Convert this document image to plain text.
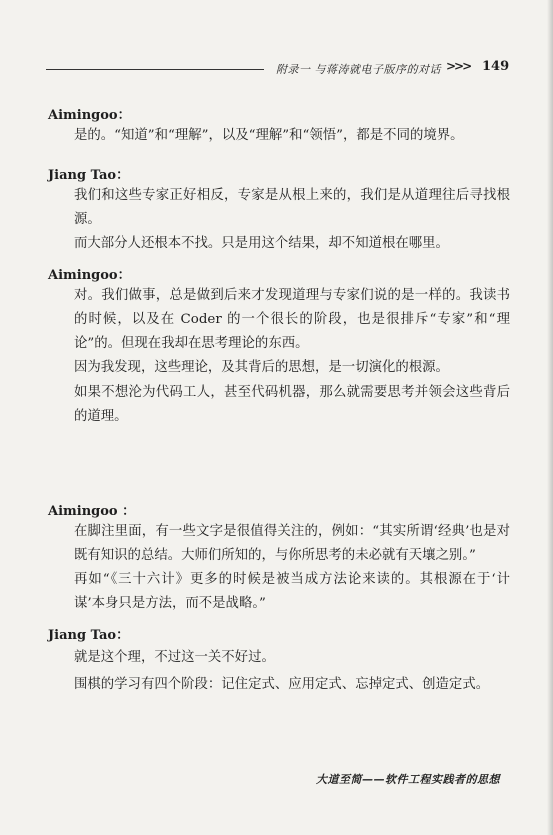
附录一 与蒋涛就电子版序的对话 >>> 149
Aimingoo：
是的。“知道”和“理解”，以及“理解”和“领悟”，都是不同的境界。
Jiang Tao：
我们和这些专家正好相反，专家是从根上来的，我们是从道理往后寻找根源。
而大部分人还根本不找。只是用这个结果，却不知道根在哪里。
Aimingoo：
对。我们做事，总是做到后来才发现道理与专家们说的是一样的。我读书的时候，以及在 Coder 的一个很长的阶段，也是很排斥“专家”和“理论”的。但现在我却在思考理论的东西。
因为我发现，这些理论，及其背后的思想，是一切演化的根源。
如果不想沦为代码工人，甚至代码机器，那么就需要思考并领会这些背后的道理。
Aimingoo ：
在脚注里面，有一些文字是很值得关注的，例如：“其实所谓‘经典’也是对既有知识的总结。大师们所知的，与你所思考的未必就有天壤之别。”
再如“《三十六计》更多的时候是被当成方法论来读的。其根源在于‘计谋’本身只是方法，而不是战略。”
Jiang Tao：
就是这个理，不过这一关不好过。
围棋的学习有四个阶段：记住定式、应用定式、忘掉定式、创造定式。
大道至简——软件工程实践者的思想
